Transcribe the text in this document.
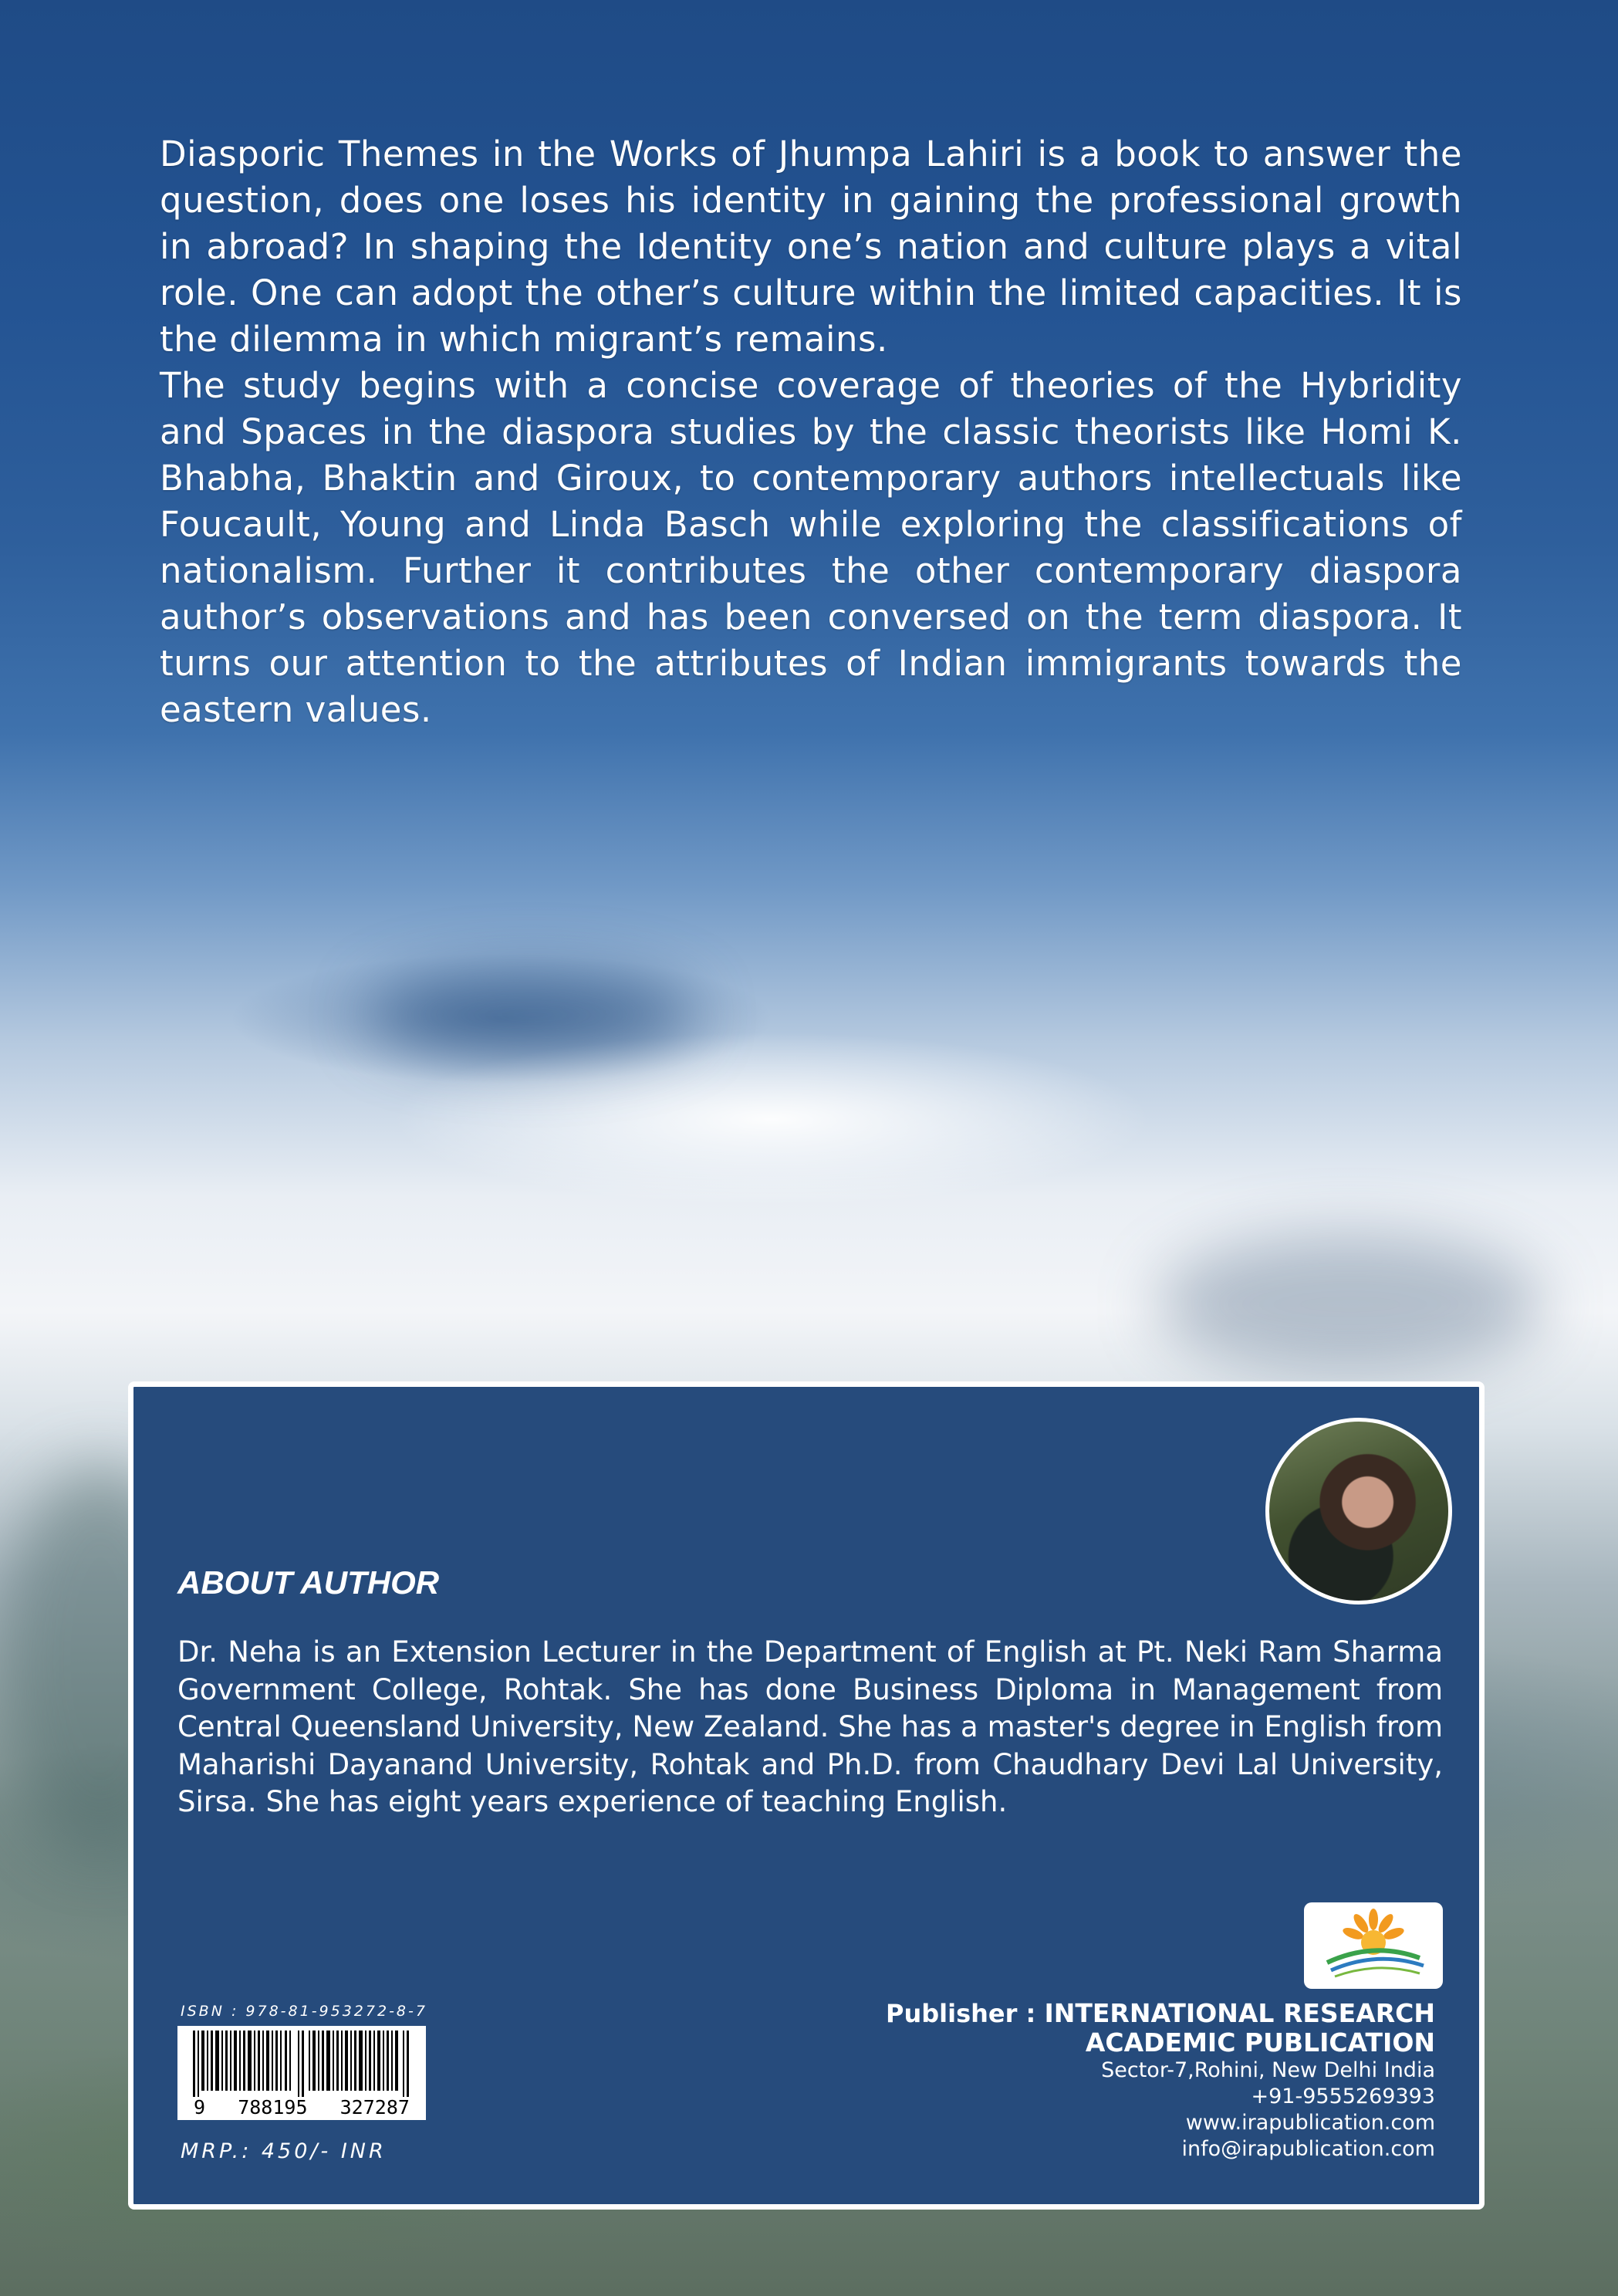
Diasporic Themes in the Works of Jhumpa Lahiri is a book to answer the question, does one loses his identity in gaining the professional growth in abroad? In shaping the Identity one’s nation and culture plays a vital role. One can adopt the other’s culture within the limited capacities. It is the dilemma in which migrant’s remains.

The study begins with a concise coverage of theories of the Hybridity and Spaces in the diaspora studies by the classic theorists like Homi K. Bhabha, Bhaktin and Giroux, to contemporary authors intellectuals like Foucault, Young and Linda Basch while exploring the classifications of nationalism. Further it contributes the other contemporary diaspora author’s observations and has been conversed on the term diaspora. It turns our attention to the attributes of Indian immigrants towards the eastern values.

ABOUT AUTHOR
Dr. Neha is an Extension Lecturer in the Department of English at Pt. Neki Ram Sharma Government College, Rohtak. She has done Business Diploma in Management from Central Queensland University, New Zealand. She has a master's degree in English from Maharishi Dayanand University, Rohtak and Ph.D. from Chaudhary Devi Lal University, Sirsa. She has eight years experience of teaching English.
Publisher : INTERNATIONAL RESEARCH
ACADEMIC PUBLICATION
Sector-7,Rohini, New Delhi India
+91-9555269393
www.irapublication.com
info@irapublication.com
ISBN : 978-81-953272-8-7
9 788195 327287
MRP.: 450/- INR
